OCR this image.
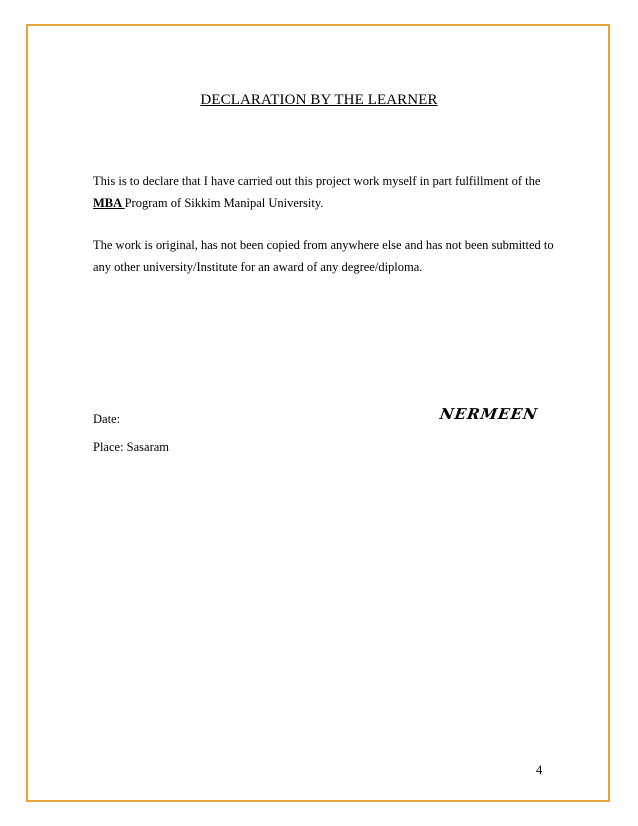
DECLARATION BY THE LEARNER
This is to declare that I have carried out this project work myself in part fulfillment of the MBA Program of Sikkim Manipal University.
The work is original, has not been copied from anywhere else and has not been submitted to any other university/Institute for an award of any degree/diploma.
Date:	NERMEEN
Place: Sasaram
4
